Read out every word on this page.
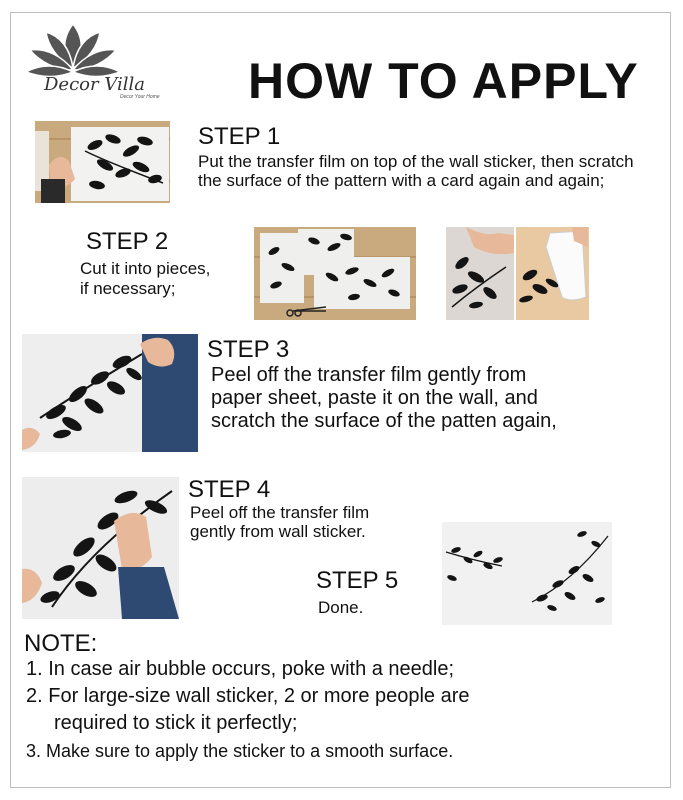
Decor Villa
Decor Your Home HOW TO APPLY
STEP 1
Put the transfer film on top of the wall sticker, then scratch
the surface of the pattern with a card again and again;
STEP 2
Cut it into pieces,
if necessary;
STEP 3
Peel off the transfer film gently from
paper sheet, paste it on the wall, and
scratch the surface of the patten again,
STEP 4
Peel off the transfer film
gently from wall sticker.
STEP 5
Done.
NOTE:
1. In case air bubble occurs, poke with a needle;
2. For large-size wall sticker, 2 or more people are
required to stick it perfectly;
3. Make sure to apply the sticker to a smooth surface.
